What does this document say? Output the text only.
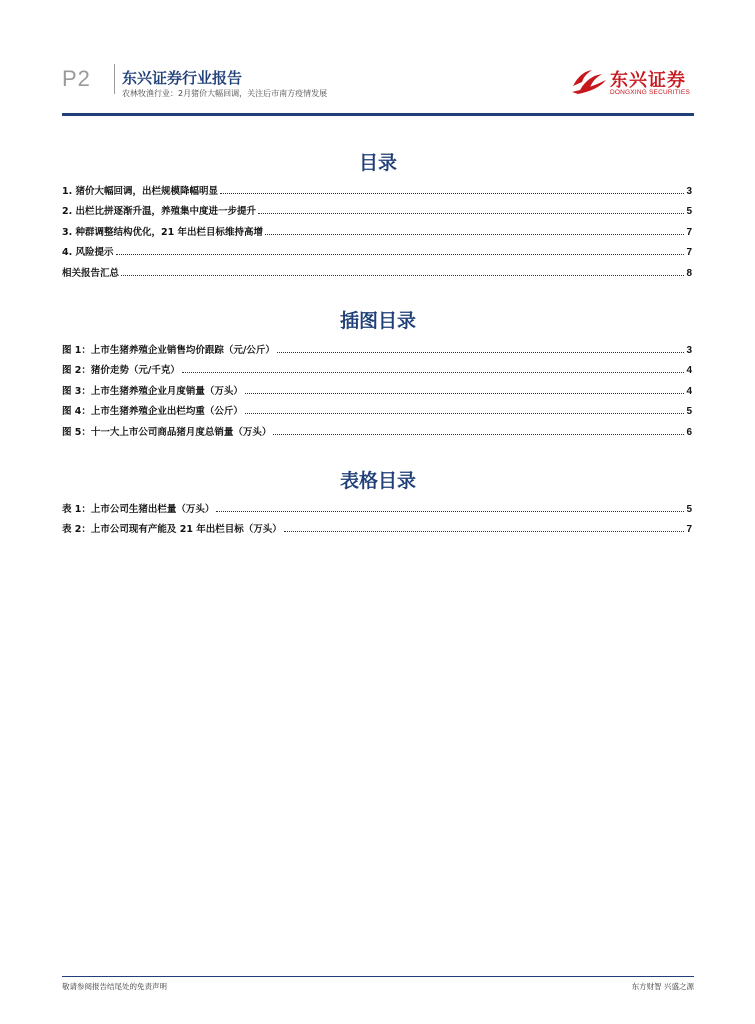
P2 东兴证券行业报告
农林牧渔行业：2月猪价大幅回调，关注后市南方疫情发展
东兴证券
DONGXING SECURITIES
目录
1. 猪价大幅回调，出栏规模降幅明显	3
2. 出栏比拼逐渐升温，养殖集中度进一步提升	5
3. 种群调整结构优化，21 年出栏目标维持高增	7
4. 风险提示	7
相关报告汇总	8
插图目录
图 1：上市生猪养殖企业销售均价跟踪（元/公斤）	3
图 2：猪价走势（元/千克）	4
图 3：上市生猪养殖企业月度销量（万头）	4
图 4：上市生猪养殖企业出栏均重（公斤）	5
图 5：十一大上市公司商品猪月度总销量（万头）	6
表格目录
表 1：上市公司生猪出栏量（万头）	5
表 2：上市公司现有产能及 21 年出栏目标（万头）	7
敬请参阅报告结尾处的免责声明	东方财智 兴盛之源
